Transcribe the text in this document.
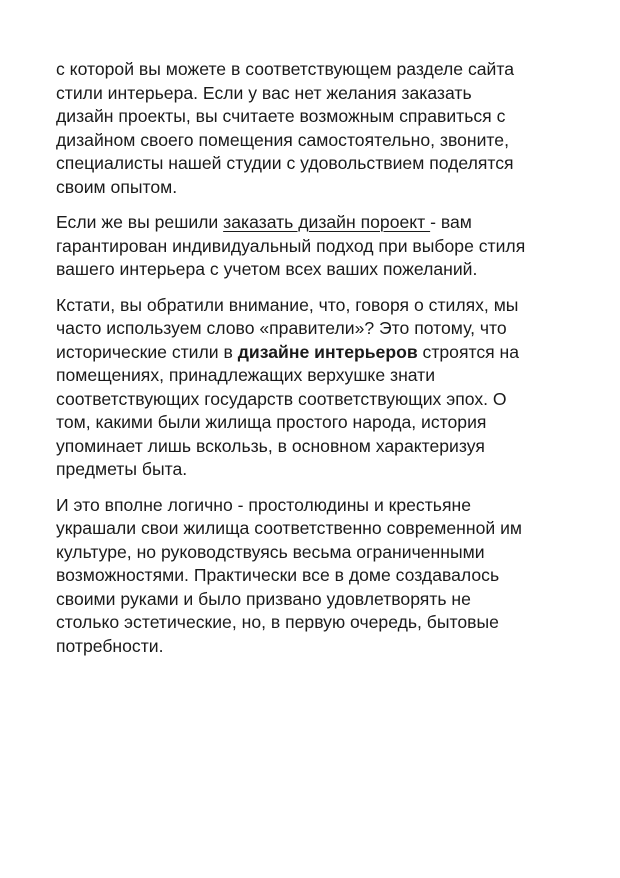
с которой вы можете в соответствующем разделе сайта
стили интерьера. Если у вас нет желания заказать
дизайн проекты, вы считаете возможным справиться с
дизайном своего помещения самостоятельно, звоните,
специалисты нашей студии с удовольствием поделятся
своим опытом.

Если же вы решили заказать дизайн пороект - вам
гарантирован индивидуальный подход при выборе стиля
вашего интерьера с учетом всех ваших пожеланий.

Кстати, вы обратили внимание, что, говоря о стилях, мы
часто используем слово «правители»? Это потому, что
исторические стили в дизайне интерьеров строятся на
помещениях, принадлежащих верхушке знати
соответствующих государств соответствующих эпох. О
том, какими были жилища простого народа, история
упоминает лишь вскользь, в основном характеризуя
предметы быта.

И это вполне логично - простолюдины и крестьяне
украшали свои жилища соответственно современной им
культуре, но руководствуясь весьма ограниченными
возможностями. Практически все в доме создавалось
своими руками и было призвано удовлетворять не
столько эстетические, но, в первую очередь, бытовые
потребности.
